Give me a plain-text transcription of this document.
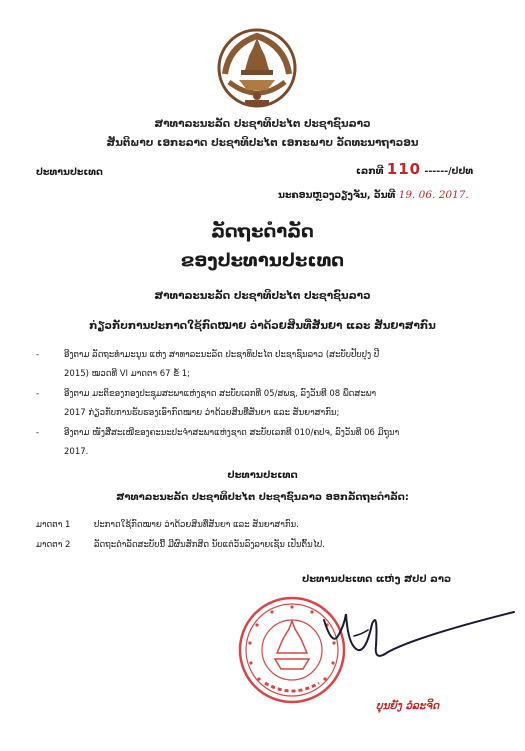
ສາທາລະນະລັດ ປະຊາທິປະໄຕ ປະຊາຊົນລາວ
ສັນຕິພາບ ເອກະລາດ ປະຊາທິປະໄຕ ເອກະພາບ ວັດທະນາຖາວອນ
ປະທານປະເທດ	ເລກທີ 110 ------/ປປທ
ນະຄອນຫຼວງວຽງຈັນ, ວັນທີ 19. 06. 2017.
ລັດຖະດຳລັດ
ຂອງປະທານປະເທດ
ສາທາລະນະລັດ ປະຊາທິປະໄຕ ປະຊາຊົນລາວ
ກ່ຽວກັບການປະກາດໃຊ້ກົດໝາຍ ວ່າດ້ວຍສິນທີ່ສັນຍາ ແລະ ສັນຍາສາກົນ
-	ອີງຕາມ ລັດຖະທຳມະນູນ ແຫ່ງ ສາທາລະນະລັດ ປະຊາທິປະໄຕ ປະຊາຊົນລາວ (ສະບັບປັບປຸງ ປີ
2015) ໝວດທີ VI ມາດຕາ 67 ຂໍ້ 1;
-	ອີງຕາມ ມະຕິຂອງກອງປະຊຸມສະພາແຫ່ງຊາດ ສະບັບເລກທີ 05/ສພຊ, ລົງວັນທີ 08 ພຶດສະພາ
2017 ກ່ຽວກັບການຮັບຮອງເອົາກົດໝາຍ ວ່າດ້ວຍສິນທີ່ສັນຍາ ແລະ ສັນຍາສາກົນ;
-	ອີງຕາມ ໜັງສືສະເໜີຂອງຄະນະປະຈຳສະພາແຫ່ງຊາດ ສະບັບເລກທີ 010/ຄປຈ, ລົງວັນທີ 06 ມິຖຸນາ
2017.
ປະທານປະເທດ
ສາທາລະນະລັດ ປະຊາທິປະໄຕ ປະຊາຊົນລາວ ອອກລັດຖະດຳລັດ:
ມາດຕາ 1	ປະກາດໃຊ້ກົດໝາຍ ວ່າດ້ວຍສິນທີ່ສັນຍາ ແລະ ສັນຍາສາກົນ.
ມາດຕາ 2	ລັດຖະດຳລັດສະບັບນີ້ ມີຜົນສັກສິດ ນັບແຕ່ວັນລົງລາຍເຊັນ ເປັນຕົ້ນໄປ.
ປະທານປະເທດ ແຫ່ງ ສປປ ລາວ
ບຸນຍັງ ວໍລະຈິດ
